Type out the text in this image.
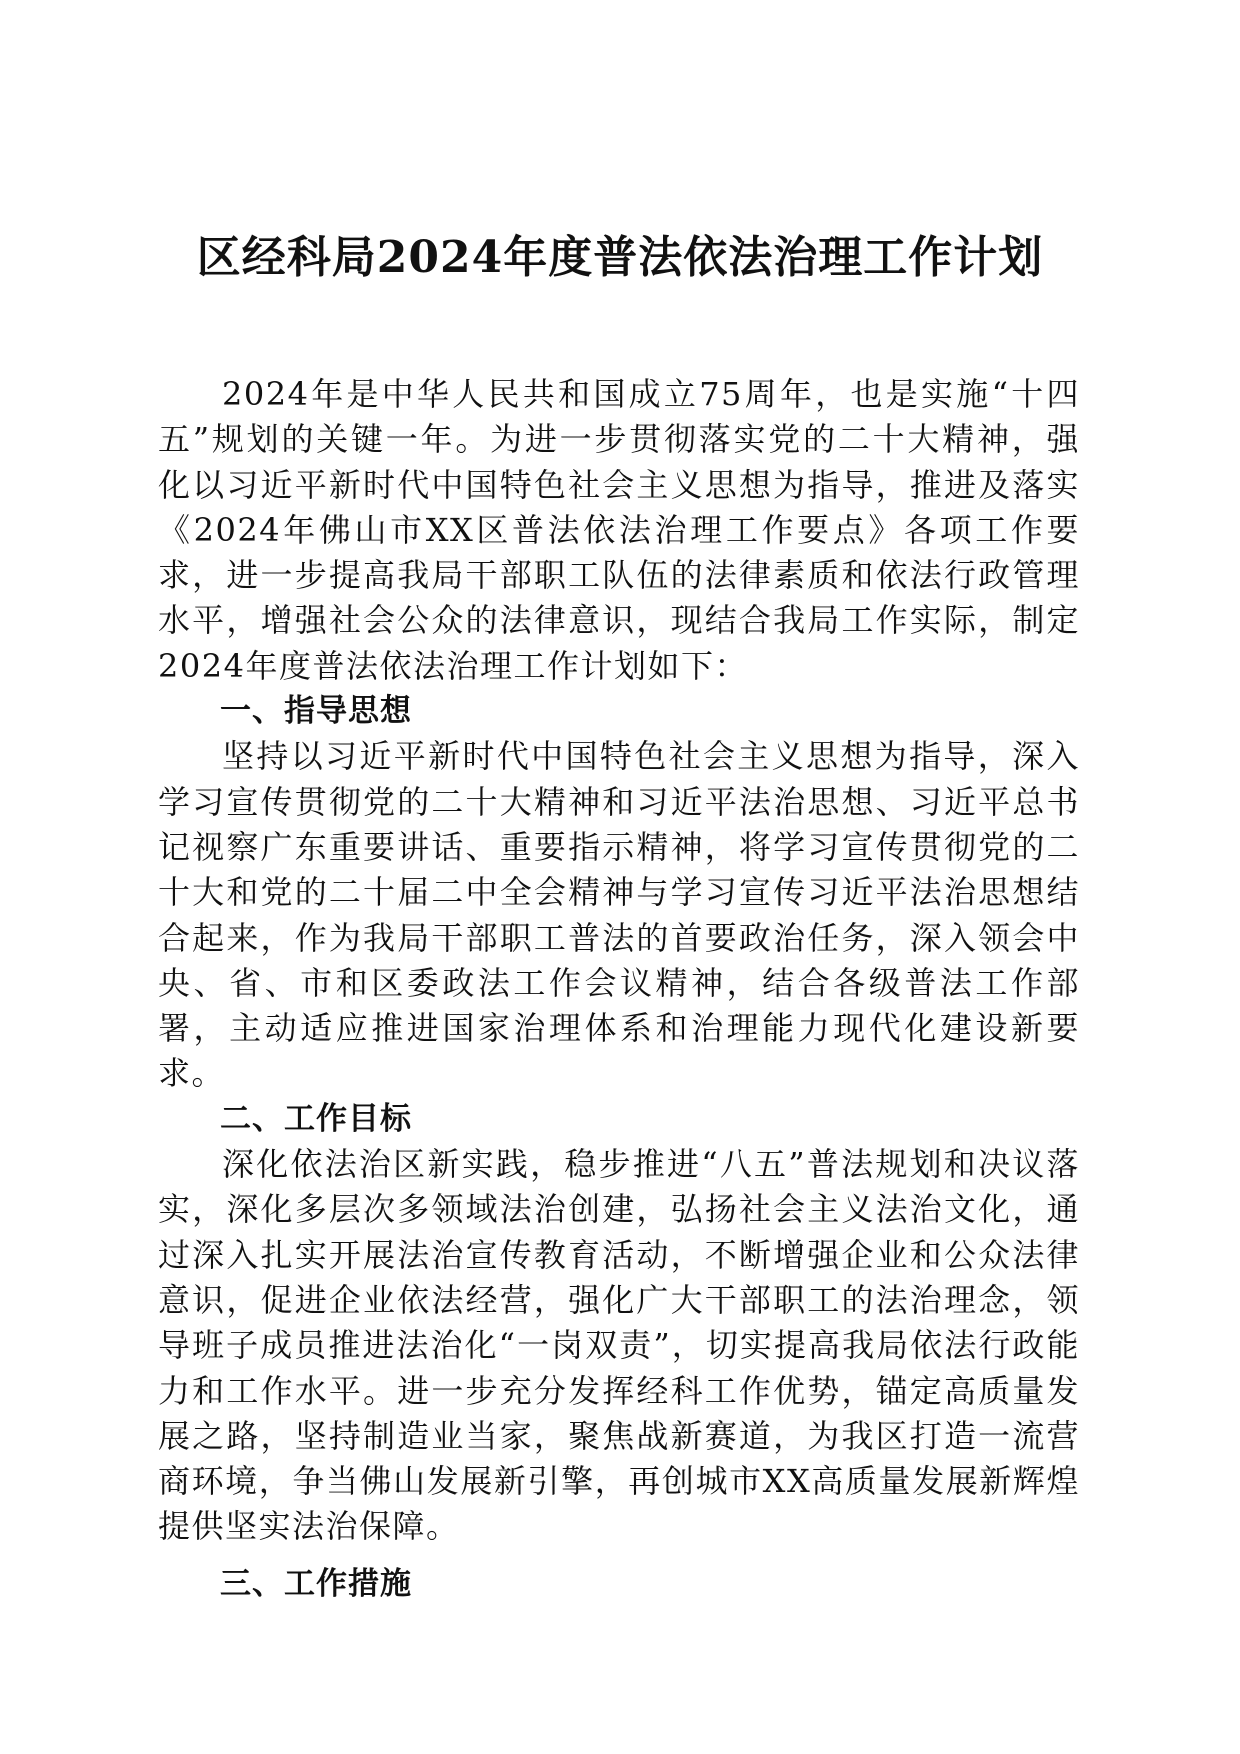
区经科局2024年度普法依法治理工作计划

2024年是中华人民共和国成立75周年，也是实施“十四五”规划的关键一年。为进一步贯彻落实党的二十大精神，强化以习近平新时代中国特色社会主义思想为指导，推进及落实《2024年佛山市XX区普法依法治理工作要点》各项工作要求，进一步提高我局干部职工队伍的法律素质和依法行政管理水平，增强社会公众的法律意识，现结合我局工作实际，制定2024年度普法依法治理工作计划如下：

一、指导思想

坚持以习近平新时代中国特色社会主义思想为指导，深入学习宣传贯彻党的二十大精神和习近平法治思想、习近平总书记视察广东重要讲话、重要指示精神，将学习宣传贯彻党的二十大和党的二十届二中全会精神与学习宣传习近平法治思想结合起来，作为我局干部职工普法的首要政治任务，深入领会中央、省、市和区委政法工作会议精神，结合各级普法工作部署，主动适应推进国家治理体系和治理能力现代化建设新要求。

二、工作目标

深化依法治区新实践，稳步推进“八五”普法规划和决议落实，深化多层次多领域法治创建，弘扬社会主义法治文化，通过深入扎实开展法治宣传教育活动，不断增强企业和公众法律意识，促进企业依法经营，强化广大干部职工的法治理念，领导班子成员推进法治化“一岗双责”，切实提高我局依法行政能力和工作水平。进一步充分发挥经科工作优势，锚定高质量发展之路，坚持制造业当家，聚焦战新赛道，为我区打造一流营商环境，争当佛山发展新引擎，再创城市XX高质量发展新辉煌提供坚实法治保障。

三、工作措施
